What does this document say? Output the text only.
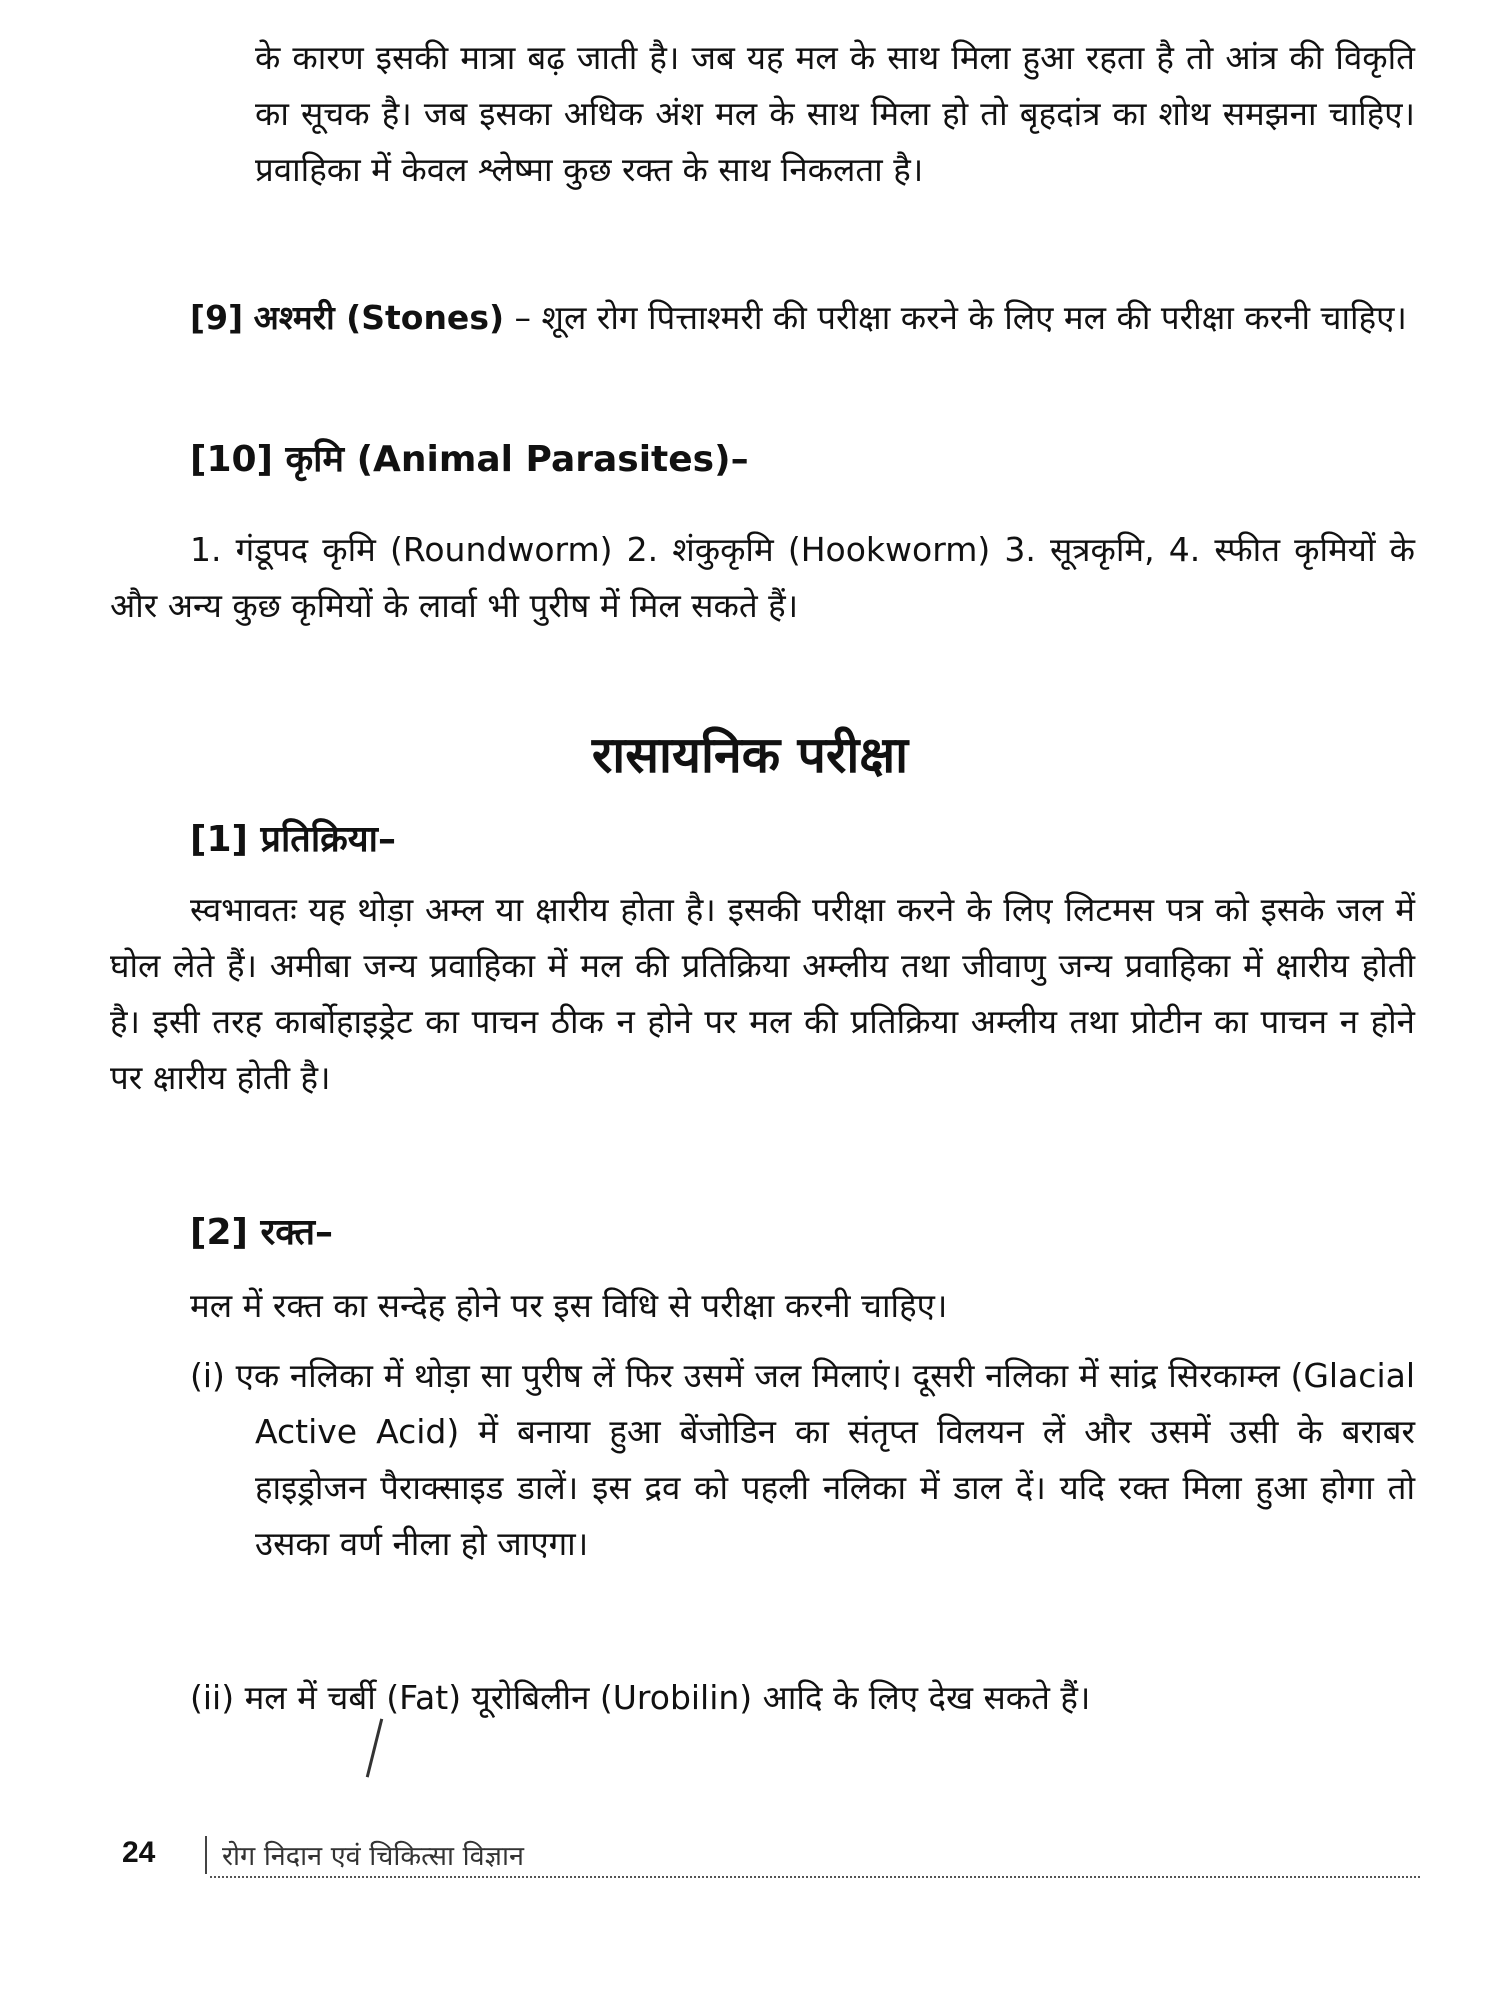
के कारण इसकी मात्रा बढ़ जाती है। जब यह मल के साथ मिला हुआ रहता है तो आंत्र की विकृति का सूचक है। जब इसका अधिक अंश मल के साथ मिला हो तो बृहदांत्र का शोथ समझना चाहिए। प्रवाहिका में केवल श्लेष्मा कुछ रक्त के साथ निकलता है।

[9] अश्मरी (Stones) – शूल रोग पित्ताश्मरी की परीक्षा करने के लिए मल की परीक्षा करनी चाहिए।

[10] कृमि (Animal Parasites)–

1. गंडूपद कृमि (Roundworm) 2. शंकुकृमि (Hookworm) 3. सूत्रकृमि, 4. स्फीत कृमियों के और अन्य कुछ कृमियों के लार्वा भी पुरीष में मिल सकते हैं।

रासायनिक परीक्षा

[1] प्रतिक्रिया–

स्वभावतः यह थोड़ा अम्ल या क्षारीय होता है। इसकी परीक्षा करने के लिए लिटमस पत्र को इसके जल में घोल लेते हैं। अमीबा जन्य प्रवाहिका में मल की प्रतिक्रिया अम्लीय तथा जीवाणु जन्य प्रवाहिका में क्षारीय होती है। इसी तरह कार्बोहाइड्रेट का पाचन ठीक न होने पर मल की प्रतिक्रिया अम्लीय तथा प्रोटीन का पाचन न होने पर क्षारीय होती है।

[2] रक्त–

मल में रक्त का सन्देह होने पर इस विधि से परीक्षा करनी चाहिए।

(i) एक नलिका में थोड़ा सा पुरीष लें फिर उसमें जल मिलाएं। दूसरी नलिका में सांद्र सिरकाम्ल (Glacial Active Acid) में बनाया हुआ बेंजोडिन का संतृप्त विलयन लें और उसमें उसी के बराबर हाइड्रोजन पैराक्साइड डालें। इस द्रव को पहली नलिका में डाल दें। यदि रक्त मिला हुआ होगा तो उसका वर्ण नीला हो जाएगा।

(ii) मल में चर्बी (Fat) यूरोबिलीन (Urobilin) आदि के लिए देख सकते हैं।

24 रोग निदान एवं चिकित्सा विज्ञान
